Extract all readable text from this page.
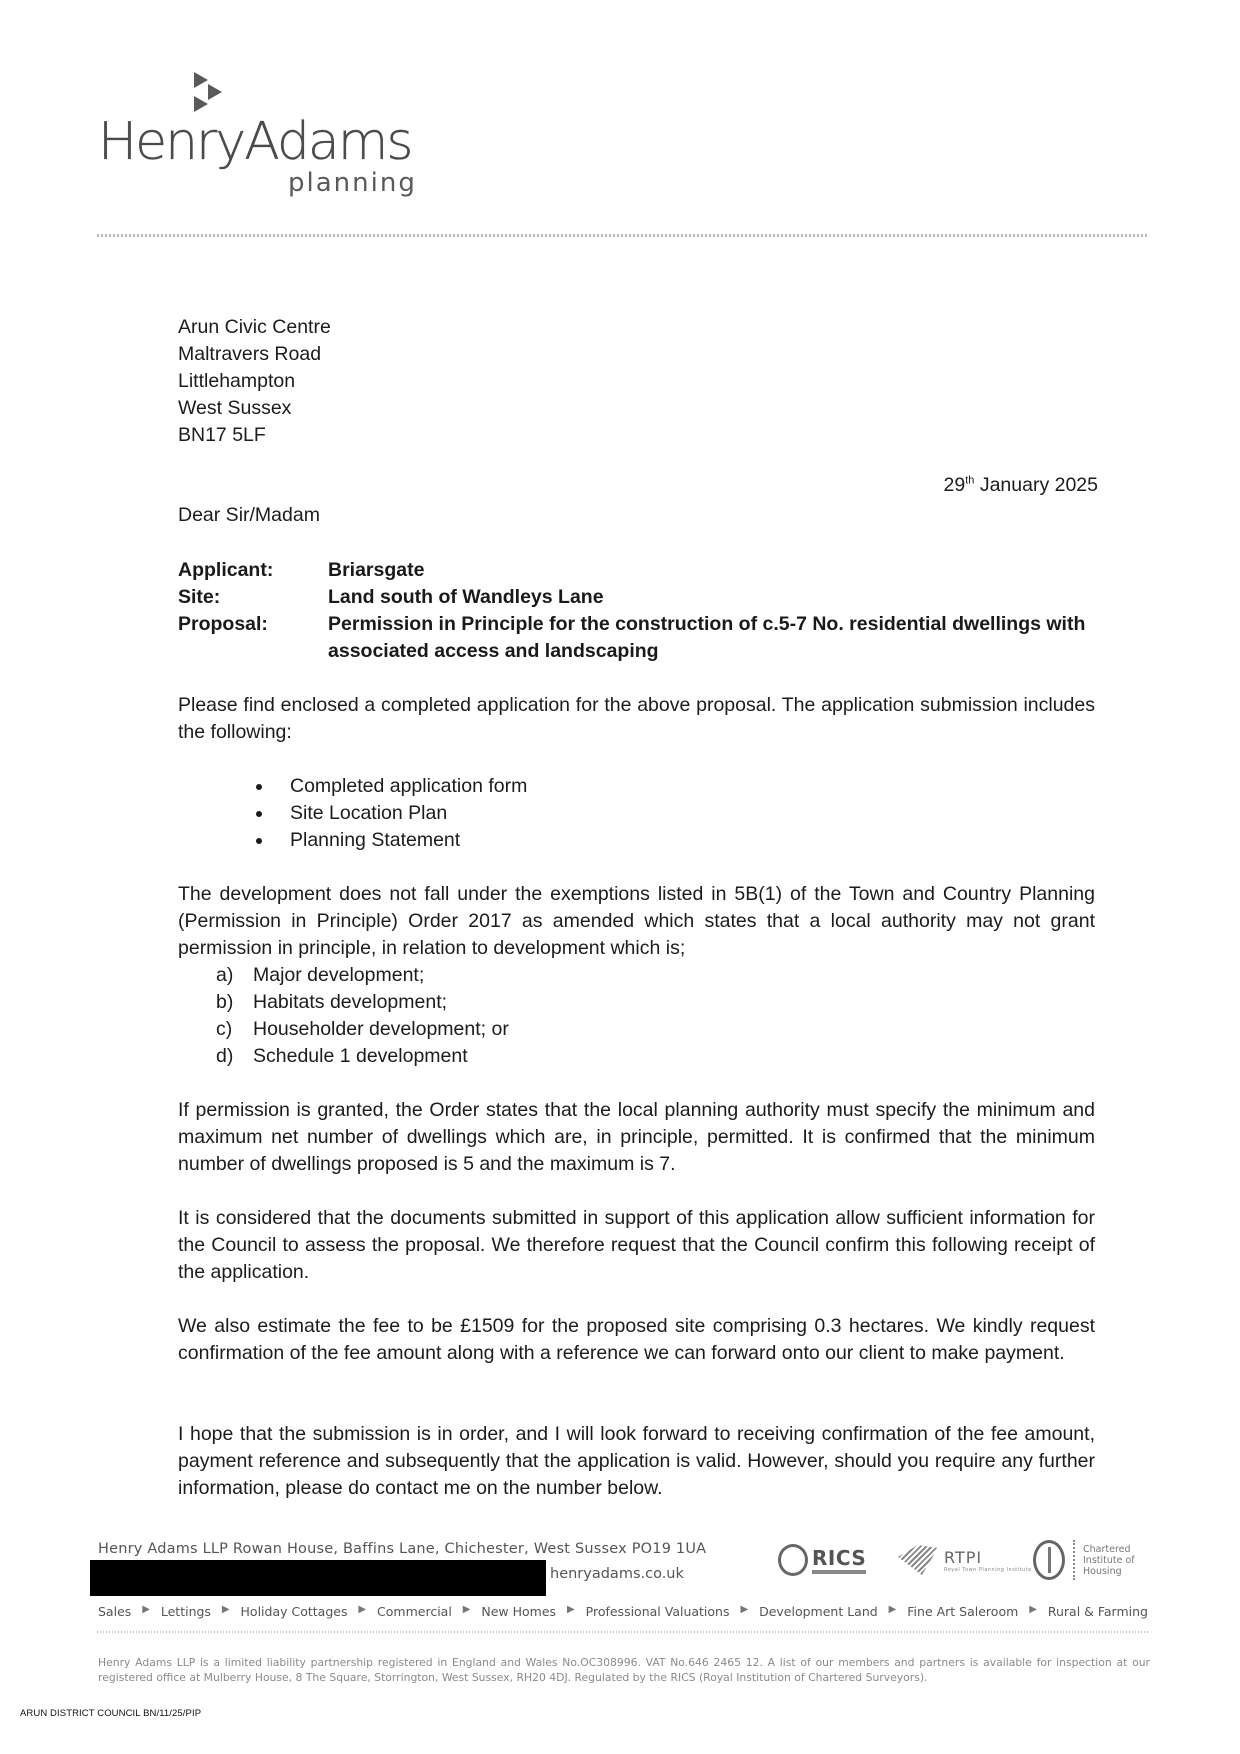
HenryAdams
planning
Arun Civic Centre
Maltravers Road
Littlehampton
West Sussex
BN17 5LF
29th January 2025
Dear Sir/Madam
Applicant:	Briarsgate
Site:	Land south of Wandleys Lane
Proposal:	Permission in Principle for the construction of c.5-7 No. residential dwellings with associated access and landscaping

Please find enclosed a completed application for the above proposal. The application submission includes the following:

Completed application form
Site Location Plan
Planning Statement

The development does not fall under the exemptions listed in 5B(1) of the Town and Country Planning (Permission in Principle) Order 2017 as amended which states that a local authority may not grant permission in principle, in relation to development which is;

a)	Major development;
b)	Habitats development;
c)	Householder development; or
d)	Schedule 1 development

If permission is granted, the Order states that the local planning authority must specify the minimum and maximum net number of dwellings which are, in principle, permitted. It is confirmed that the minimum number of dwellings proposed is 5 and the maximum is 7.

It is considered that the documents submitted in support of this application allow sufficient information for the Council to assess the proposal. We therefore request that the Council confirm this following receipt of the application.

We also estimate the fee to be £1509 for the proposed site comprising 0.3 hectares. We kindly request confirmation of the fee amount along with a reference we can forward onto our client to make payment.

I hope that the submission is in order, and I will look forward to receiving confirmation of the fee amount, payment reference and subsequently that the application is valid. However, should you require any further information, please do contact me on the number below.

Henry Adams LLP Rowan House, Baffins Lane, Chichester, West Sussex PO19 1UA
henryadams.co.uk
RICS	RTPI
Royal Town Planning Institute
Chartered
Institute of
Housing
Sales ▶ Lettings ▶ Holiday Cottages ▶ Commercial ▶ New Homes ▶ Professional Valuations ▶ Development Land ▶ Fine Art Saleroom ▶ Rural & Farming
Henry Adams LLP is a limited liability partnership registered in England and Wales No.OC308996. VAT No.646 2465 12. A list of our members and partners is available for inspection at our registered office at Mulberry House, 8 The Square, Storrington, West Sussex, RH20 4DJ. Regulated by the RICS (Royal Institution of Chartered Surveyors).
ARUN DISTRICT COUNCIL BN/11/25/PIP
